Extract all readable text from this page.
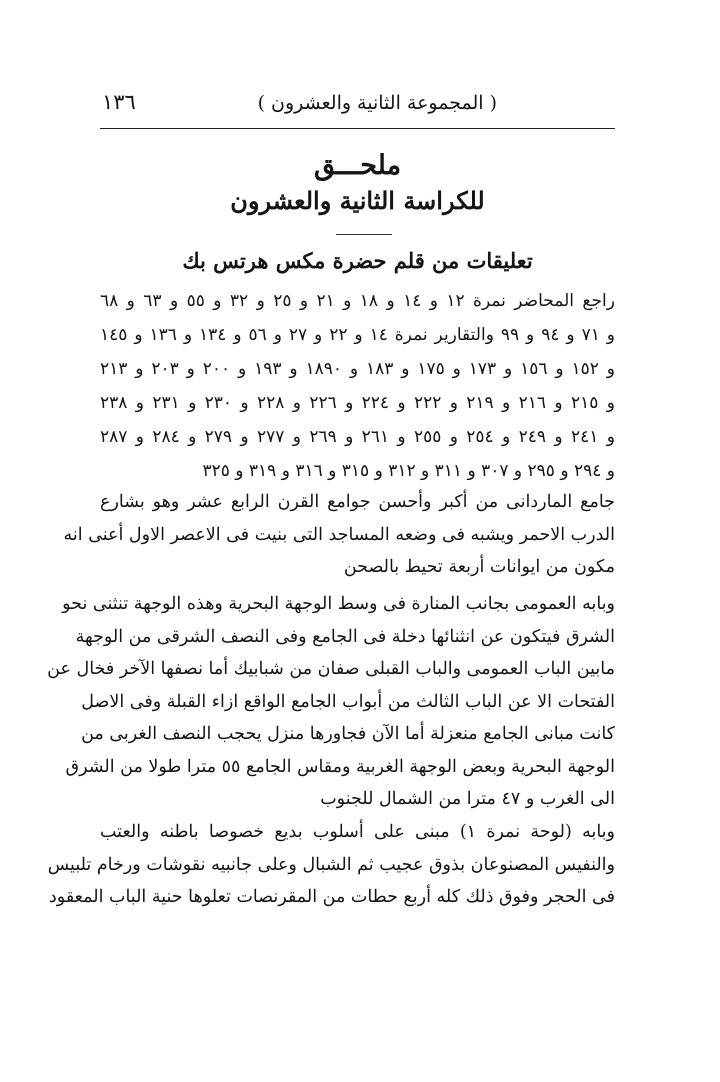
( المجموعة الثانية والعشرون )
١٣٦
ملحـــق
للكراسة الثانية والعشرون
تعليقات من قلم حضرة مكس هرتس بك
راجع المحاضر نمرة ١٢ و ١٤ و ١٨ و ٢١ و ٢٥ و ٣٢ و ٥٥ و ٦٣ و ٦٨
و ٧١ و ٩٤ و ٩٩ والتقارير نمرة ١٤ و ٢٢ و ٢٧ و ٥٦ و ١٣٤ و ١٣٦ و ١٤٥
و ١٥٢ و ١٥٦ و ١٧٣ و ١٧٥ و ١٨٣ و ١٨٩٠ و ١٩٣ و ٢٠٠ و ٢٠٣ و ٢١٣
و ٢١٥ و ٢١٦ و ٢١٩ و ٢٢٢ و ٢٢٤ و ٢٢٦ و ٢٢٨ و ٢٣٠ و ٢٣١ و ٢٣٨
و ٢٤١ و ٢٤٩ و ٢٥٤ و ٢٥٥ و ٢٦١ و ٢٦٩ و ٢٧٧ و ٢٧٩ و ٢٨٤ و ٢٨٧
و ٢٩٤ و ٢٩٥ و ٣٠٧ و ٣١١ و ٣١٢ و ٣١٥ و ٣١٦ و ٣١٩ و ٣٢٥
جامع الماردانى من أكبر وأحسن جوامع القرن الرابع عشر وهو بشارع
الدرب الاحمر ويشبه فى وضعه المساجد التى بنيت فى الاعصر الاول أعنى انه
مكون من ايوانات أربعة تحيط بالصحن
وبابه العمومى بجانب المنارة فى وسط الوجهة البحرية وهذه الوجهة تنثنى نحو
الشرق فيتكون عن انثنائها دخلة فى الجامع وفى النصف الشرقى من الوجهة
مابين الباب العمومى والباب القبلى صفان من شبابيك أما نصفها الآخر فخال عن
الفتحات الا عن الباب الثالث من أبواب الجامع الواقع ازاء القبلة وفى الاصل
كانت مبانى الجامع منعزلة أما الآن فجاورها منزل يحجب النصف الغربى من
الوجهة البحرية وبعض الوجهة الغربية ومقاس الجامع ٥٥ مترا طولا من الشرق
الى الغرب و ٤٧ مترا من الشمال للجنوب
وبابه (لوحة نمرة ١) مبنى على أسلوب بديع خصوصا باطنه والعتب
والنفيس المصنوعان بذوق عجيب ثم الشبال وعلى جانبيه نقوشات ورخام تلبيس
فى الحجر وفوق ذلك كله أربع حطات من المقرنصات تعلوها حنية الباب المعقود
